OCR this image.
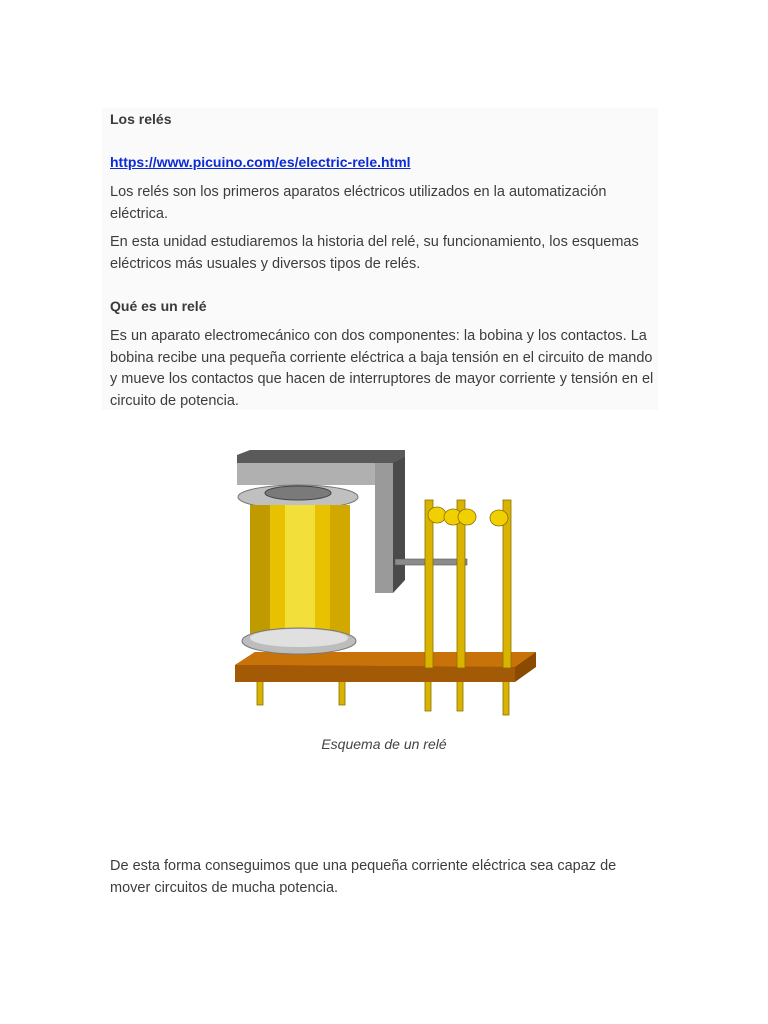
Los relés
https://www.picuino.com/es/electric-rele.html
Los relés son los primeros aparatos eléctricos utilizados en la automatización eléctrica.
En esta unidad estudiaremos la historia del relé, su funcionamiento, los esquemas eléctricos más usuales y diversos tipos de relés.
Qué es un relé
Es un aparato electromecánico con dos componentes: la bobina y los contactos. La bobina recibe una pequeña corriente eléctrica a baja tensión en el circuito de mando y mueve los contactos que hacen de interruptores de mayor corriente y tensión en el circuito de potencia.
Esquema de un relé
De esta forma conseguimos que una pequeña corriente eléctrica sea capaz de mover circuitos de mucha potencia.
